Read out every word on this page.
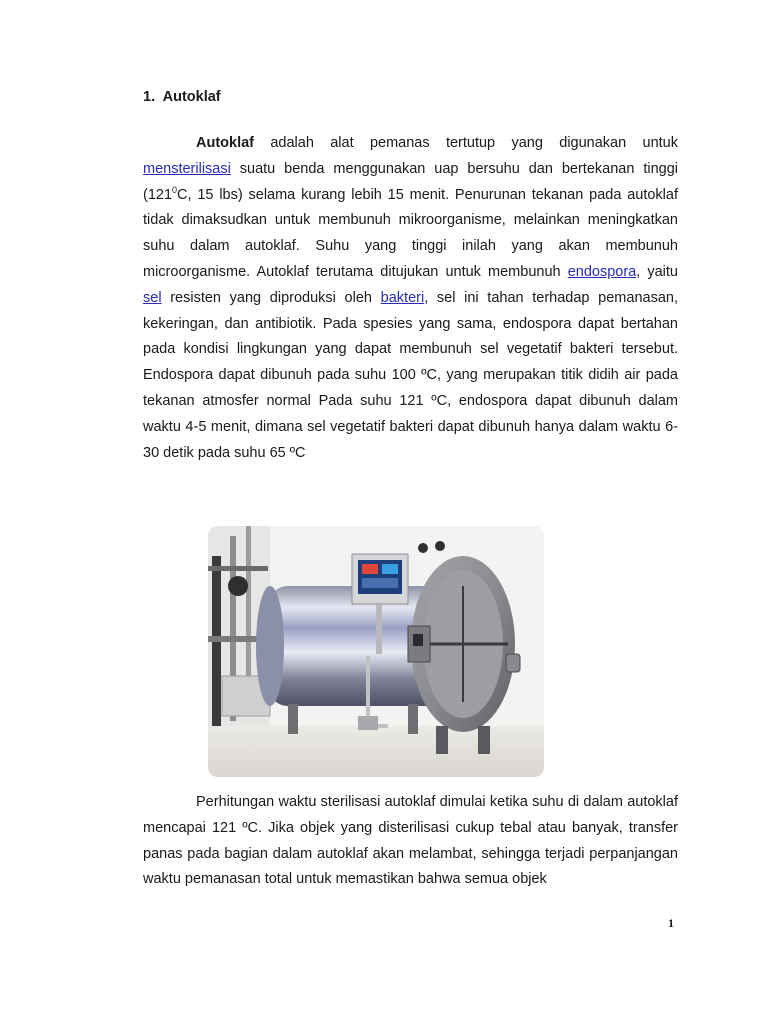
1. Autoklaf

Autoklaf adalah alat pemanas tertutup yang digunakan untuk mensterilisasi suatu benda menggunakan uap bersuhu dan bertekanan tinggi ($121^0C$, 15 lbs) selama kurang lebih 15 menit. Penurunan tekanan pada autoklaf tidak dimaksudkan untuk membunuh mikroorganisme, melainkan meningkatkan suhu dalam autoklaf. Suhu yang tinggi inilah yang akan membunuh microorganisme. Autoklaf terutama ditujukan untuk membunuh endospora, yaitu sel resisten yang diproduksi oleh bakteri, sel ini tahan terhadap pemanasan, kekeringan, dan antibiotik. Pada spesies yang sama, endospora dapat bertahan pada kondisi lingkungan yang dapat membunuh sel vegetatif bakteri tersebut. Endospora dapat dibunuh pada suhu 100 ºC, yang merupakan titik didih air pada tekanan atmosfer normal Pada suhu 121 ºC, endospora dapat dibunuh dalam waktu 4-5 menit, dimana sel vegetatif bakteri dapat dibunuh hanya dalam waktu 6-30 detik pada suhu 65 ºC

Perhitungan waktu sterilisasi autoklaf dimulai ketika suhu di dalam autoklaf mencapai 121 ºC. Jika objek yang disterilisasi cukup tebal atau banyak, transfer panas pada bagian dalam autoklaf akan melambat, sehingga terjadi perpanjangan waktu pemanasan total untuk memastikan bahwa semua objek

1
